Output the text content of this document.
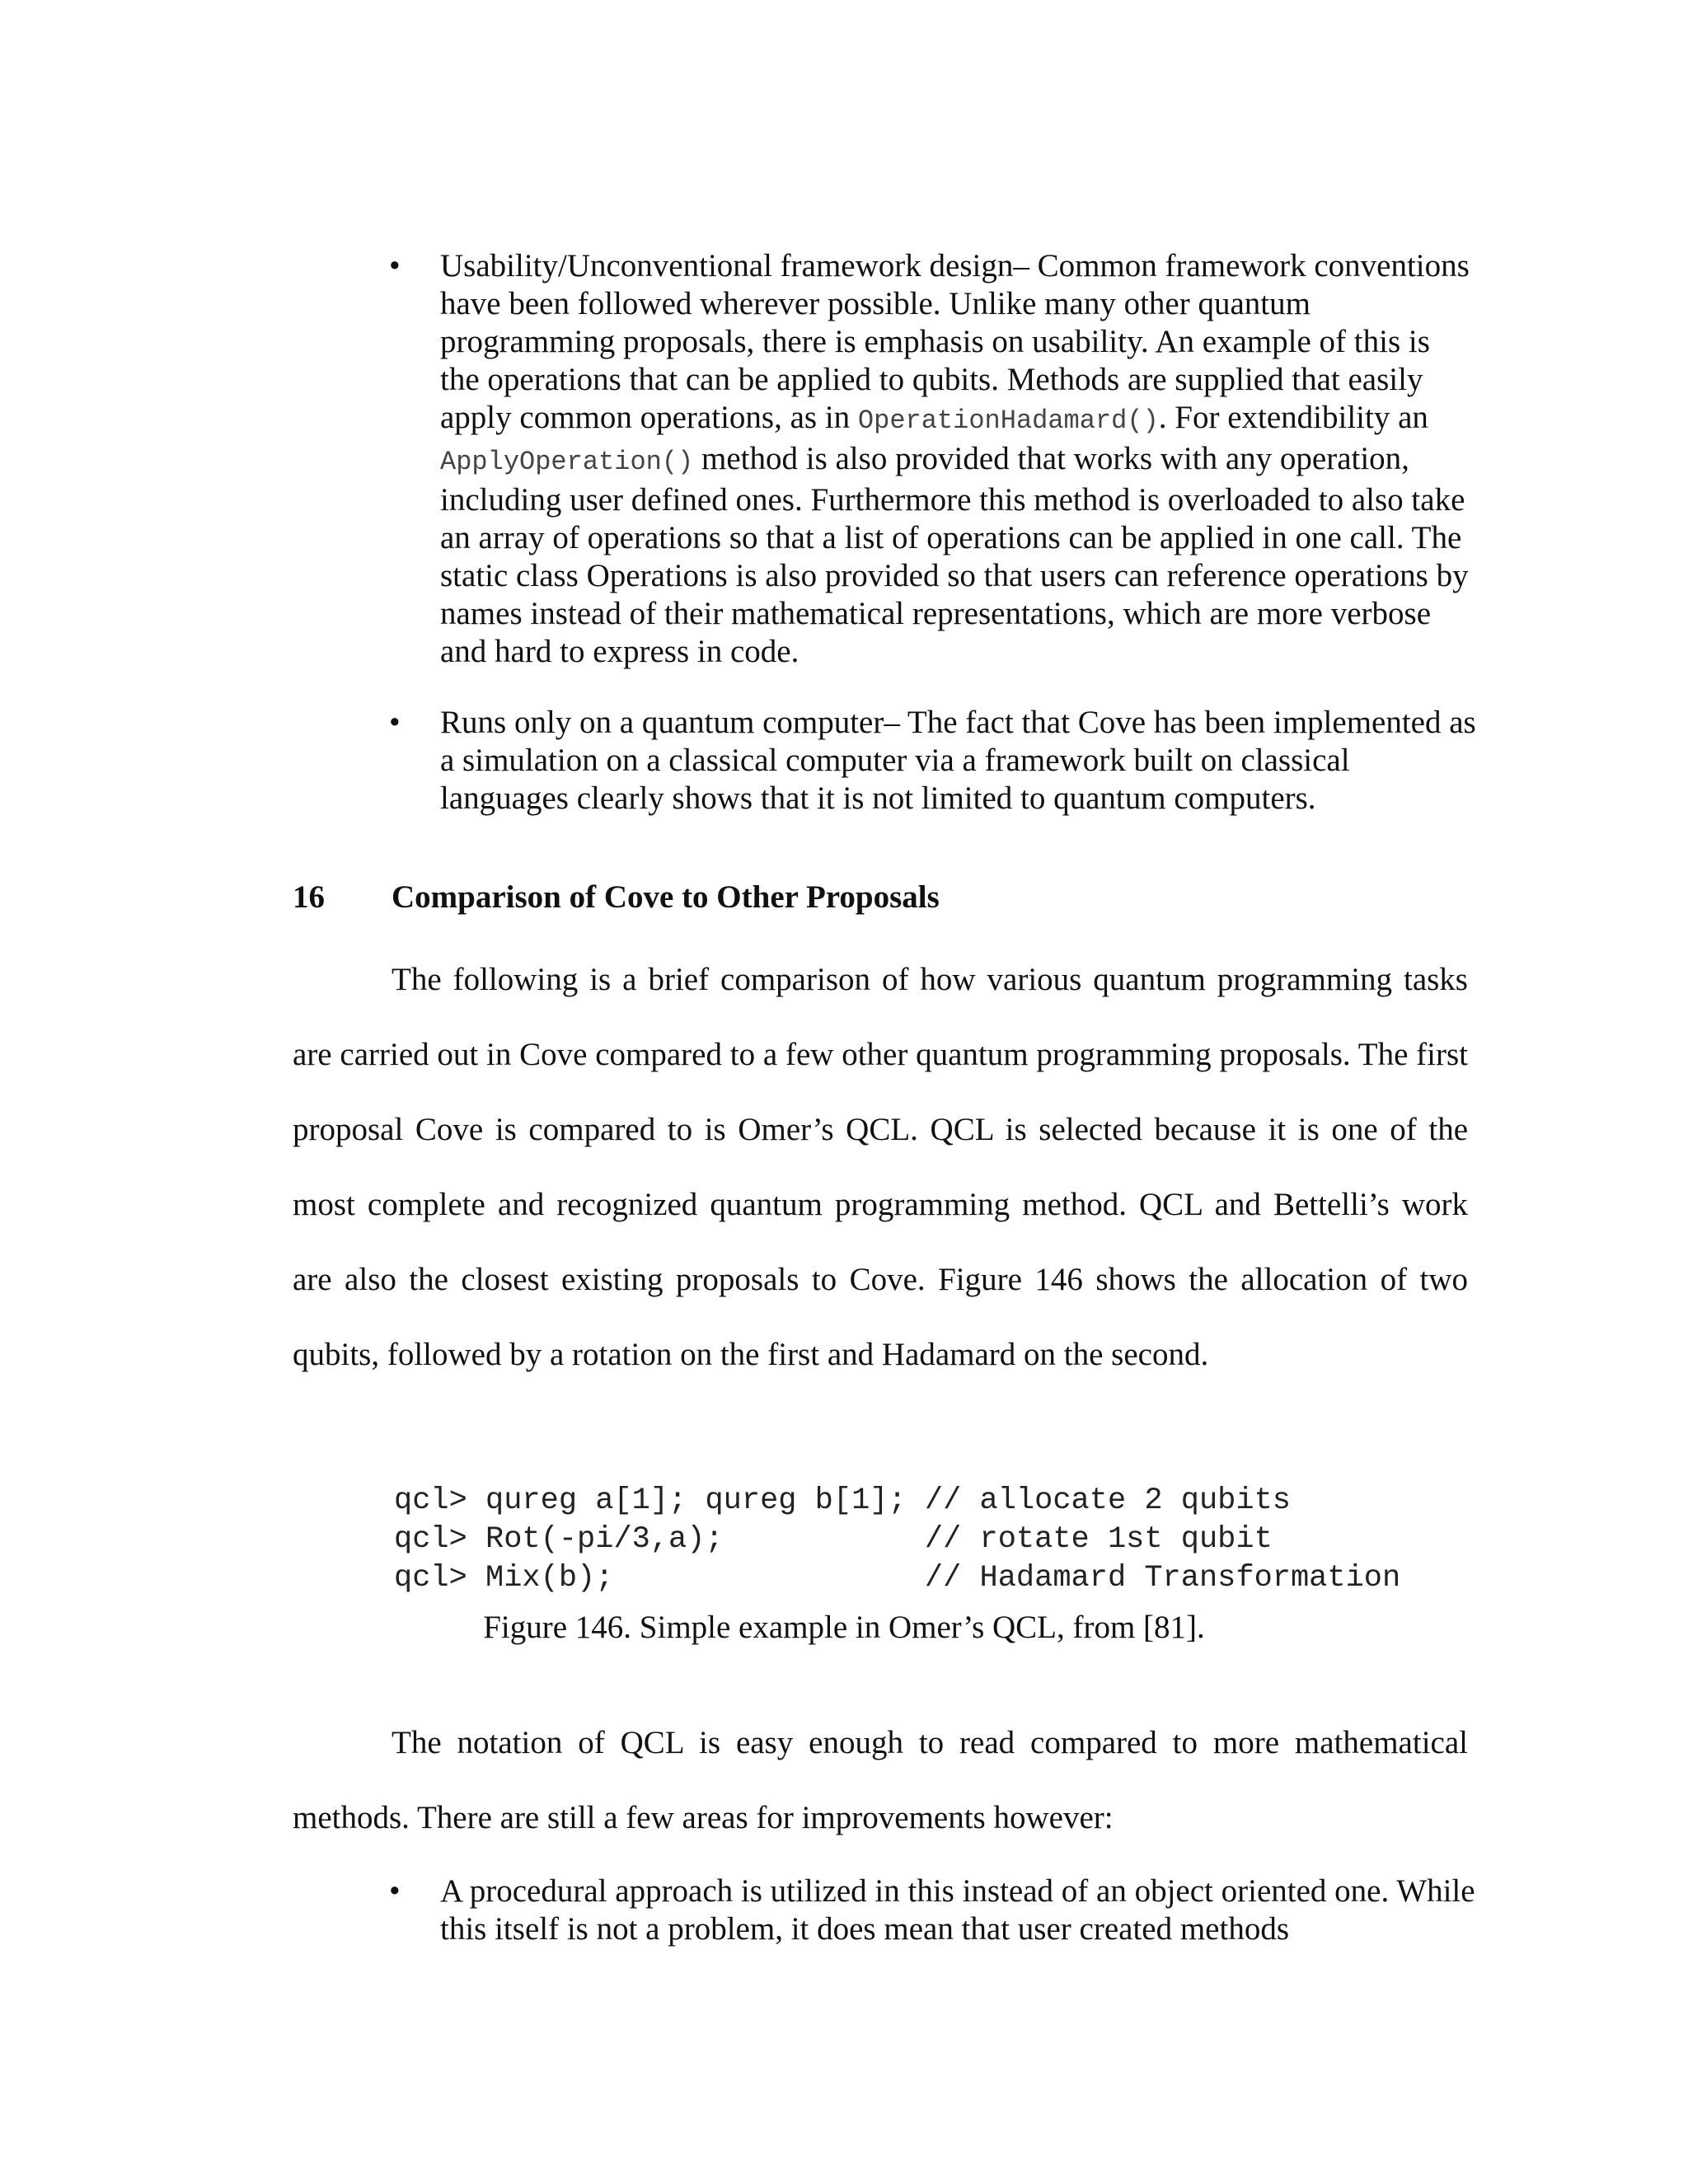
• Usability/Unconventional framework design– Common framework conventions have been followed wherever possible. Unlike many other quantum programming proposals, there is emphasis on usability. An example of this is the operations that can be applied to qubits. Methods are supplied that easily apply common operations, as in OperationHadamard(). For extendibility an ApplyOperation() method is also provided that works with any operation, including user defined ones. Furthermore this method is overloaded to also take an array of operations so that a list of operations can be applied in one call. The static class Operations is also provided so that users can reference operations by names instead of their mathematical representations, which are more verbose and hard to express in code.
• Runs only on a quantum computer– The fact that Cove has been implemented as a simulation on a classical computer via a framework built on classical languages clearly shows that it is not limited to quantum computers.
16 Comparison of Cove to Other Proposals

The following is a brief comparison of how various quantum programming tasks are carried out in Cove compared to a few other quantum programming proposals. The first proposal Cove is compared to is Omer’s QCL. QCL is selected because it is one of the most complete and recognized quantum programming method. QCL and Bettelli’s work are also the closest existing proposals to Cove. Figure 146 shows the allocation of two qubits, followed by a rotation on the first and Hadamard on the second.

qcl> qureg a[1]; qureg b[1]; // allocate 2 qubits
qcl> Rot(-pi/3,a);           // rotate 1st qubit
qcl> Mix(b);                 // Hadamard Transformation
Figure 146. Simple example in Omer’s QCL, from [81].

The notation of QCL is easy enough to read compared to more mathematical methods. There are still a few areas for improvements however:

• A procedural approach is utilized in this instead of an object oriented one. While this itself is not a problem, it does mean that user created methods
